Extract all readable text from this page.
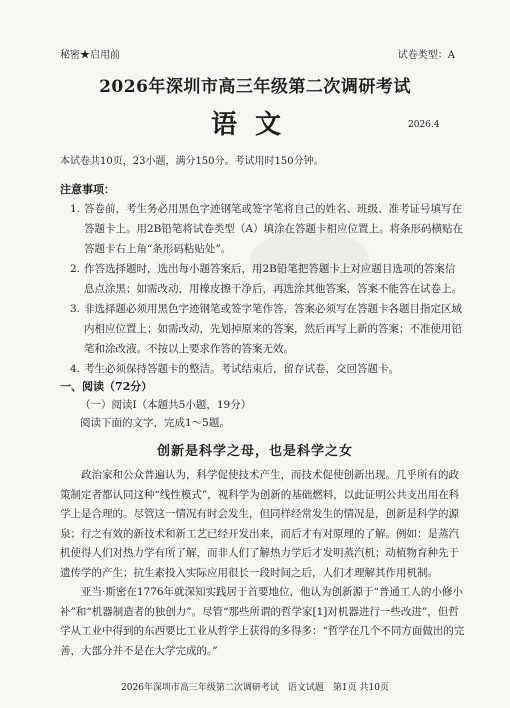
秘密★启用前	试卷类型：A
2026年深圳市高三年级第二次调研考试
语文	2026.4
本试卷共10页，23小题，满分150分。考试用时150分钟。
注意事项：
1. 答卷前，考生务必用黑色字迹钢笔或签字笔将自己的姓名、班级、准考证号填写在答题卡上。用2B铅笔将试卷类型（A）填涂在答题卡相应位置上。将条形码横贴在答题卡右上角“条形码粘贴处”。
2. 作答选择题时，选出每小题答案后，用2B铅笔把答题卡上对应题目选项的答案信息点涂黑；如需改动，用橡皮擦干净后，再选涂其他答案，答案不能答在试卷上。
3. 非选择题必须用黑色字迹钢笔或签字笔作答，答案必须写在答题卡各题目指定区域内相应位置上；如需改动，先划掉原来的答案，然后再写上新的答案；不准使用铅笔和涂改液。不按以上要求作答的答案无效。
4. 考生必须保持答题卡的整洁。考试结束后，留存试卷，交回答题卡。
一、阅读（72分）
（一）阅读Ⅰ（本题共5小题，19分）
阅读下面的文字，完成1～5题。
创新是科学之母，也是科学之女

政治家和公众普遍认为，科学促使技术产生，而技术促使创新出现。几乎所有的政策制定者都认同这种“线性模式”，视科学为创新的基础燃料，以此证明公共支出用在科学上是合理的。尽管这一情况有时会发生，但同样经常发生的情况是，创新是科学的源泉；行之有效的新技术和新工艺已经开发出来，而后才有对原理的了解。例如：是蒸汽机使得人们对热力学有所了解，而非人们了解热力学后才发明蒸汽机；动植物育种先于遗传学的产生；抗生素投入实际应用很长一段时间之后，人们才理解其作用机制。

亚当·斯密在1776年就深知实践居于首要地位，他认为创新源于“普通工人的小修小补”和“机器制造者的独创力”。尽管“那些所谓的哲学家[1]对机器进行一些改进”，但哲学从工业中得到的东西要比工业从哲学上获得的多得多：“哲学在几个不同方面做出的完善，大部分并不是在大学完成的。”

2026年深圳市高三年级第二次调研考试　语文试题　第1页 共10页
